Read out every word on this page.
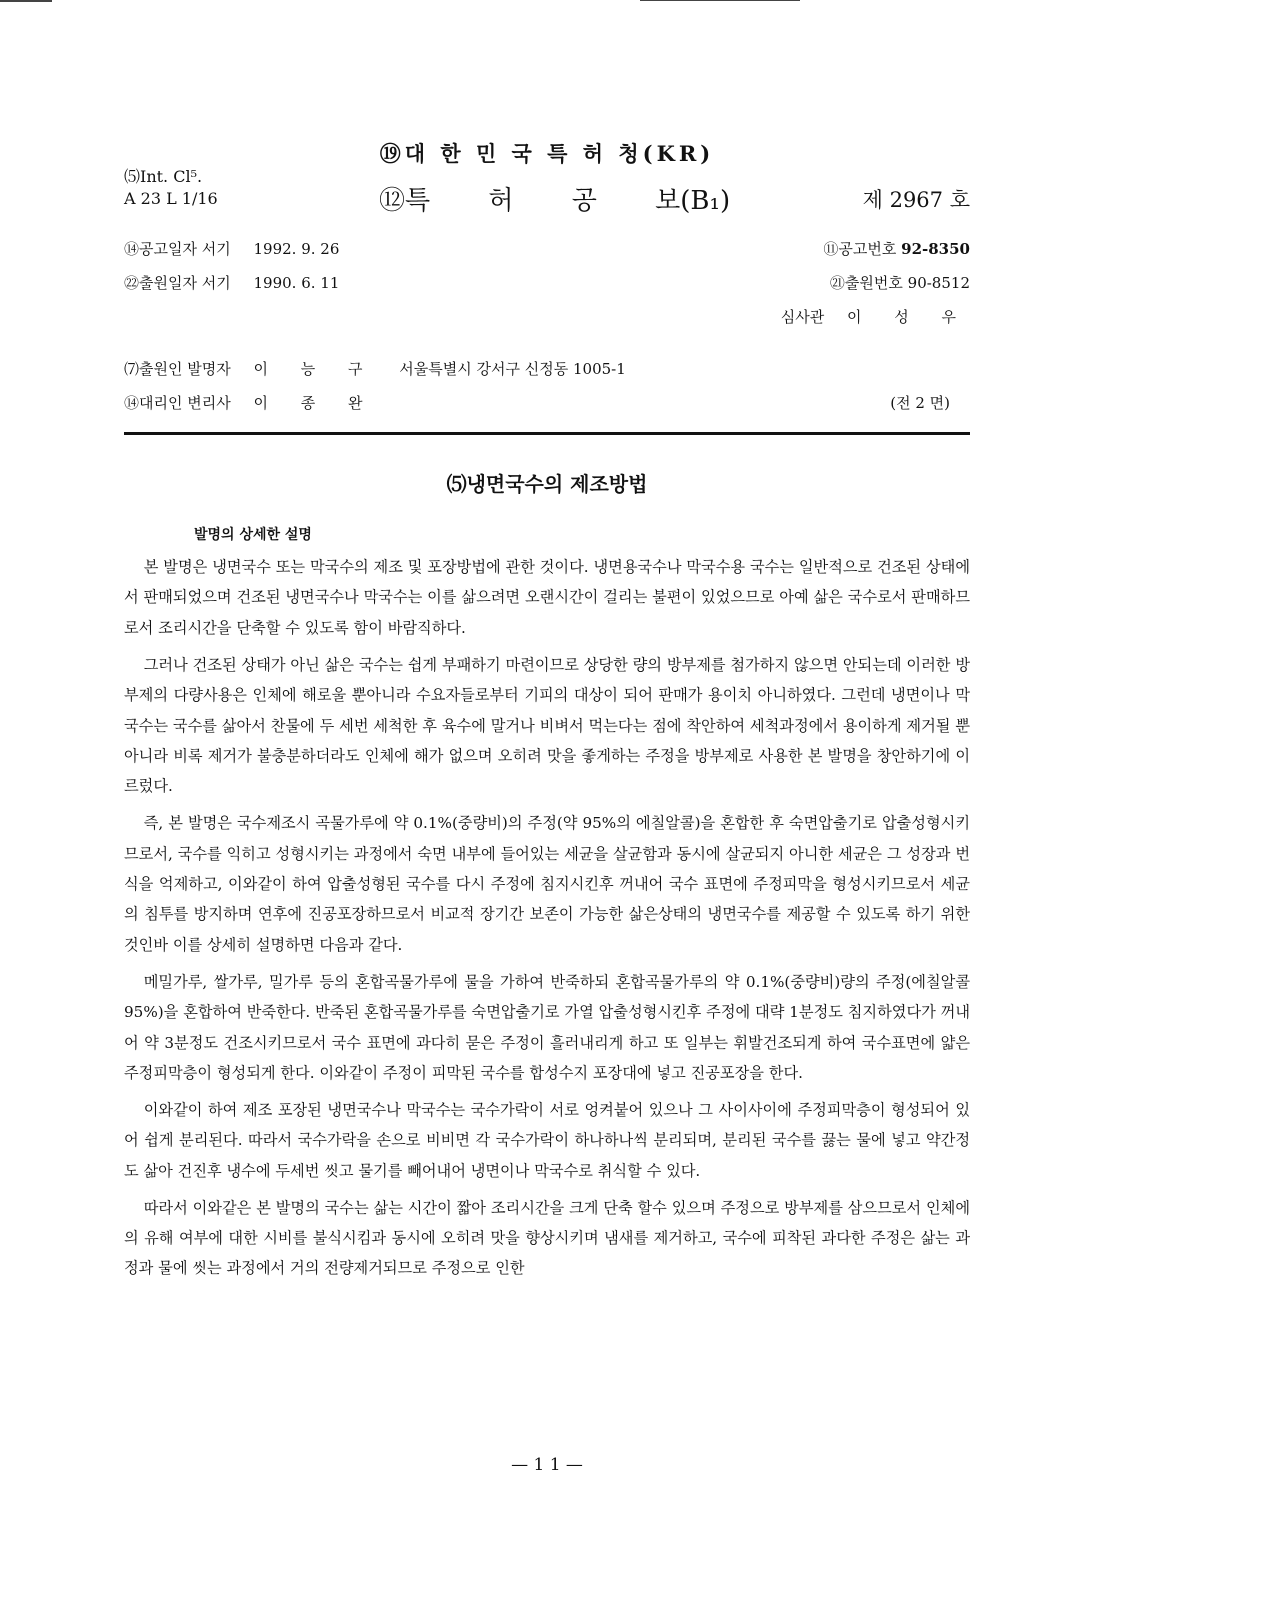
⑲대 한 민 국 특 허 청(KR)
⑸Int. Cl⁵.
A 23 L 1/16	⑫특 허 공 보(B₁)	제 2967 호
⑭공고일자 서기 1992. 9. 26	⑪공고번호 92-8350
㉒출원일자 서기 1990. 6. 11	㉑출원번호 90-8512
심사관 이 성 우
⑺출원인 발명자 이 능 구 서울특별시 강서구 신정동 1005-1
⑭대리인 변리사 이 종 완	(전 2 면)
⑸냉면국수의 제조방법
발명의 상세한 설명

본 발명은 냉면국수 또는 막국수의 제조 및 포장방법에 관한 것이다. 냉면용국수나 막국수용 국수는 일반적으로 건조된 상태에서 판매되었으며 건조된 냉면국수나 막국수는 이를 삶으려면 오랜시간이 걸리는 불편이 있었으므로 아예 삶은 국수로서 판매하므로서 조리시간을 단축할 수 있도록 함이 바람직하다.

그러나 건조된 상태가 아닌 삶은 국수는 쉽게 부패하기 마련이므로 상당한 량의 방부제를 첨가하지 않으면 안되는데 이러한 방부제의 다량사용은 인체에 해로울 뿐아니라 수요자들로부터 기피의 대상이 되어 판매가 용이치 아니하였다. 그런데 냉면이나 막국수는 국수를 삶아서 찬물에 두 세번 세척한 후 육수에 말거나 비벼서 먹는다는 점에 착안하여 세척과정에서 용이하게 제거될 뿐아니라 비록 제거가 불충분하더라도 인체에 해가 없으며 오히려 맛을 좋게하는 주정을 방부제로 사용한 본 발명을 창안하기에 이르렀다.

즉, 본 발명은 국수제조시 곡물가루에 약 0.1%(중량비)의 주정(약 95%의 에칠알콜)을 혼합한 후 숙면압출기로 압출성형시키므로서, 국수를 익히고 성형시키는 과정에서 숙면 내부에 들어있는 세균을 살균함과 동시에 살균되지 아니한 세균은 그 성장과 번식을 억제하고, 이와같이 하여 압출성형된 국수를 다시 주정에 침지시킨후 꺼내어 국수 표면에 주정피막을 형성시키므로서 세균의 침투를 방지하며 연후에 진공포장하므로서 비교적 장기간 보존이 가능한 삶은상태의 냉면국수를 제공할 수 있도록 하기 위한 것인바 이를 상세히 설명하면 다음과 같다.

메밀가루, 쌀가루, 밀가루 등의 혼합곡물가루에 물을 가하여 반죽하되 혼합곡물가루의 약 0.1%(중량비)량의 주정(에칠알콜 95%)을 혼합하여 반죽한다. 반죽된 혼합곡물가루를 숙면압출기로 가열 압출성형시킨후 주정에 대략 1분정도 침지하였다가 꺼내어 약 3분정도 건조시키므로서 국수 표면에 과다히 묻은 주정이 흘러내리게 하고 또 일부는 휘발건조되게 하여 국수표면에 얇은 주정피막층이 형성되게 한다. 이와같이 주정이 피막된 국수를 합성수지 포장대에 넣고 진공포장을 한다.

이와같이 하여 제조 포장된 냉면국수나 막국수는 국수가락이 서로 엉켜붙어 있으나 그 사이사이에 주정피막층이 형성되어 있어 쉽게 분리된다. 따라서 국수가락을 손으로 비비면 각 국수가락이 하나하나씩 분리되며, 분리된 국수를 끓는 물에 넣고 약간정도 삶아 건진후 냉수에 두세번 씻고 물기를 빼어내어 냉면이나 막국수로 취식할 수 있다.

따라서 이와같은 본 발명의 국수는 삶는 시간이 짧아 조리시간을 크게 단축 할수 있으며 주정으로 방부제를 삼으므로서 인체에의 유해 여부에 대한 시비를 불식시킴과 동시에 오히려 맛을 향상시키며 냄새를 제거하고, 국수에 피착된 과다한 주정은 삶는 과정과 물에 씻는 과정에서 거의 전량제거되므로 주정으로 인한

— 1 1 —
